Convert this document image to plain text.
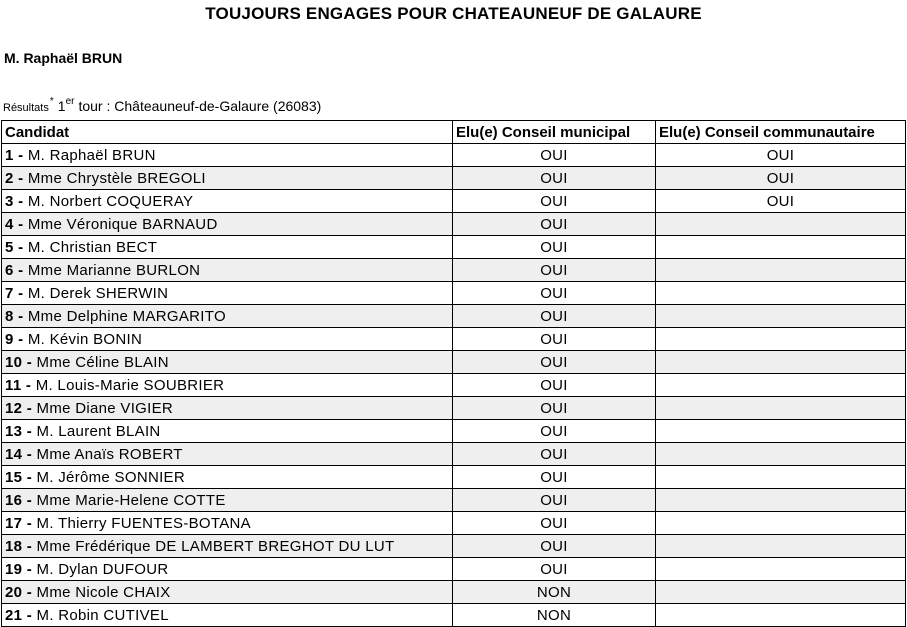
TOUJOURS ENGAGES POUR CHATEAUNEUF DE GALAURE
M. Raphaël BRUN
Résultats* 1er tour : Châteauneuf-de-Galaure (26083)
Candidat	Elu(e) Conseil municipal	Elu(e) Conseil communautaire
1 - M. Raphaël BRUN	OUI	OUI
2 - Mme Chrystèle BREGOLI	OUI	OUI
3 - M. Norbert COQUERAY	OUI	OUI
4 - Mme Véronique BARNAUD	OUI	
5 - M. Christian BECT	OUI	
6 - Mme Marianne BURLON	OUI	
7 - M. Derek SHERWIN	OUI	
8 - Mme Delphine MARGARITO	OUI	
9 - M. Kévin BONIN	OUI	
10 - Mme Céline BLAIN	OUI	
11 - M. Louis-Marie SOUBRIER	OUI	
12 - Mme Diane VIGIER	OUI	
13 - M. Laurent BLAIN	OUI	
14 - Mme Anaïs ROBERT	OUI	
15 - M. Jérôme SONNIER	OUI	
16 - Mme Marie-Helene COTTE	OUI	
17 - M. Thierry FUENTES-BOTANA	OUI	
18 - Mme Frédérique DE LAMBERT BREGHOT DU LUT	OUI	
19 - M. Dylan DUFOUR	OUI	
20 - Mme Nicole CHAIX	NON	
21 - M. Robin CUTIVEL	NON	
